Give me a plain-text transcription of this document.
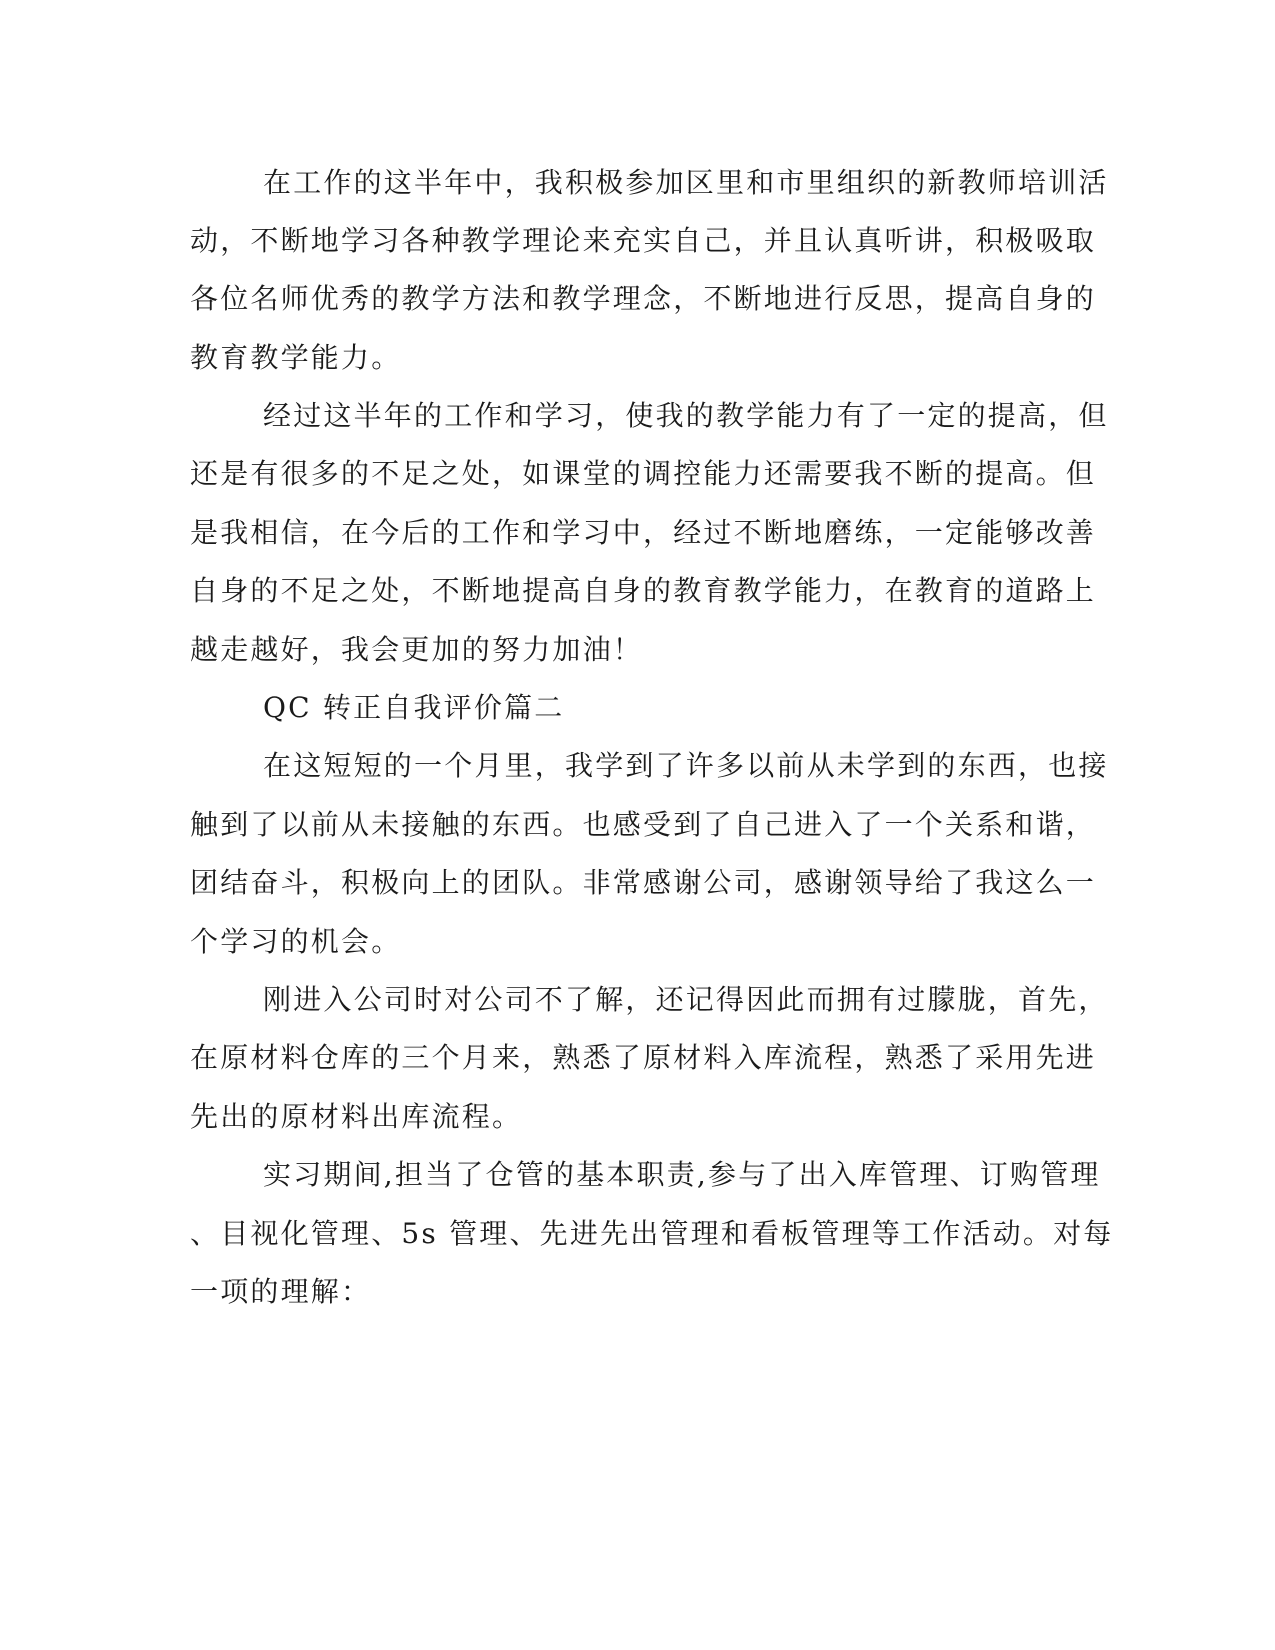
在工作的这半年中，我积极参加区里和市里组织的新教师培训活
动，不断地学习各种教学理论来充实自己，并且认真听讲，积极吸取
各位名师优秀的教学方法和教学理念，不断地进行反思，提高自身的
教育教学能力。
经过这半年的工作和学习，使我的教学能力有了一定的提高，但
还是有很多的不足之处，如课堂的调控能力还需要我不断的提高。但
是我相信，在今后的工作和学习中，经过不断地磨练，一定能够改善
自身的不足之处，不断地提高自身的教育教学能力，在教育的道路上
越走越好，我会更加的努力加油！
QC 转正自我评价篇二
在这短短的一个月里，我学到了许多以前从未学到的东西，也接
触到了以前从未接触的东西。也感受到了自己进入了一个关系和谐，
团结奋斗，积极向上的团队。非常感谢公司，感谢领导给了我这么一
个学习的机会。
刚进入公司时对公司不了解，还记得因此而拥有过朦胧，首先，
在原材料仓库的三个月来，熟悉了原材料入库流程，熟悉了采用先进
先出的原材料出库流程。
实习期间,担当了仓管的基本职责,参与了出入库管理、订购管理
、目视化管理、5s 管理、先进先出管理和看板管理等工作活动。对每
一项的理解：
